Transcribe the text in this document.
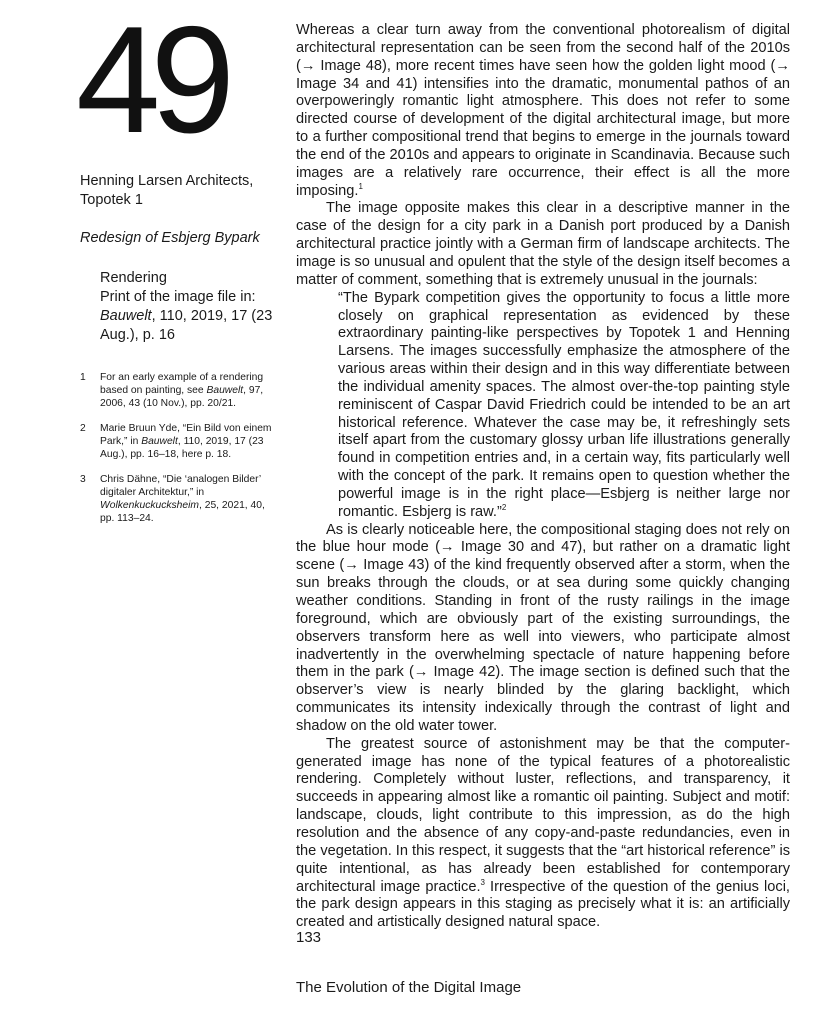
49

Henning Larsen Architects, Topotek 1

Redesign of Esbjerg Bypark

Rendering

Print of the image file in: Bauwelt, 110, 2019, 17 (23 Aug.), p. 16

1	For an early example of a rendering based on painting, see Bauwelt, 97, 2006, 43 (10 Nov.), pp. 20/21.
2	Marie Bruun Yde, “Ein Bild von einem Park,” in Bauwelt, 110, 2019, 17 (23 Aug.), pp. 16–18, here p. 18.
3	Chris Dähne, “Die ‘analogen Bilder’ digitaler Architektur,” in Wolkenkuckucksheim, 25, 2021, 40, pp. 113–24.

Whereas a clear turn away from the conventional photorealism of digital architectural representation can be seen from the second half of the 2010s (→ Image 48), more recent times have seen how the golden light mood (→ Image 34 and 41) intensifies into the dramatic, monumental pathos of an overpoweringly romantic light atmosphere. This does not refer to some directed course of development of the digital architectural image, but more to a further compositional trend that begins to emerge in the journals toward the end of the 2010s and appears to originate in Scandinavia. Because such images are a relatively rare occurrence, their effect is all the more imposing.$^1$

The image opposite makes this clear in a descriptive manner in the case of the design for a city park in a Danish port produced by a Danish architectural practice jointly with a German firm of landscape architects. The image is so unusual and opulent that the style of the design itself becomes a matter of comment, something that is extremely unusual in the journals:

“The Bypark competition gives the opportunity to focus a little more closely on graphical representation as evidenced by these extraordinary painting-like perspectives by Topotek 1 and Henning Larsens. The images successfully emphasize the atmosphere of the various areas within their design and in this way differentiate between the individual amenity spaces. The almost over-the-top painting style reminiscent of Caspar David Friedrich could be intended to be an art historical reference. Whatever the case may be, it refreshingly sets itself apart from the customary glossy urban life illustrations generally found in competition entries and, in a certain way, fits particularly well with the concept of the park. It remains open to question whether the powerful image is in the right place—Esbjerg is neither large nor romantic. Esbjerg is raw.”$^2$

As is clearly noticeable here, the compositional staging does not rely on the blue hour mode (→ Image 30 and 47), but rather on a dramatic light scene (→ Image 43) of the kind frequently observed after a storm, when the sun breaks through the clouds, or at sea during some quickly changing weather conditions. Standing in front of the rusty railings in the image foreground, which are obviously part of the existing surroundings, the observers transform here as well into viewers, who participate almost inadvertently in the overwhelming spectacle of nature happening before them in the park (→ Image 42). The image section is defined such that the observer’s view is nearly blinded by the glaring backlight, which communicates its intensity indexically through the contrast of light and shadow on the old water tower.

The greatest source of astonishment may be that the computer-generated image has none of the typical features of a photorealistic rendering. Completely without luster, reflections, and transparency, it succeeds in appearing almost like a romantic oil painting. Subject and motif: landscape, clouds, light contribute to this impression, as do the high resolution and the absence of any copy-and-paste redundancies, even in the vegetation. In this respect, it suggests that the “art historical reference” is quite intentional, as has already been established for contemporary architectural image practice.$^3$ Irrespective of the question of the genius loci, the park design appears in this staging as precisely what it is: an artificially created and artistically designed natural space.

133
The Evolution of the Digital Image
